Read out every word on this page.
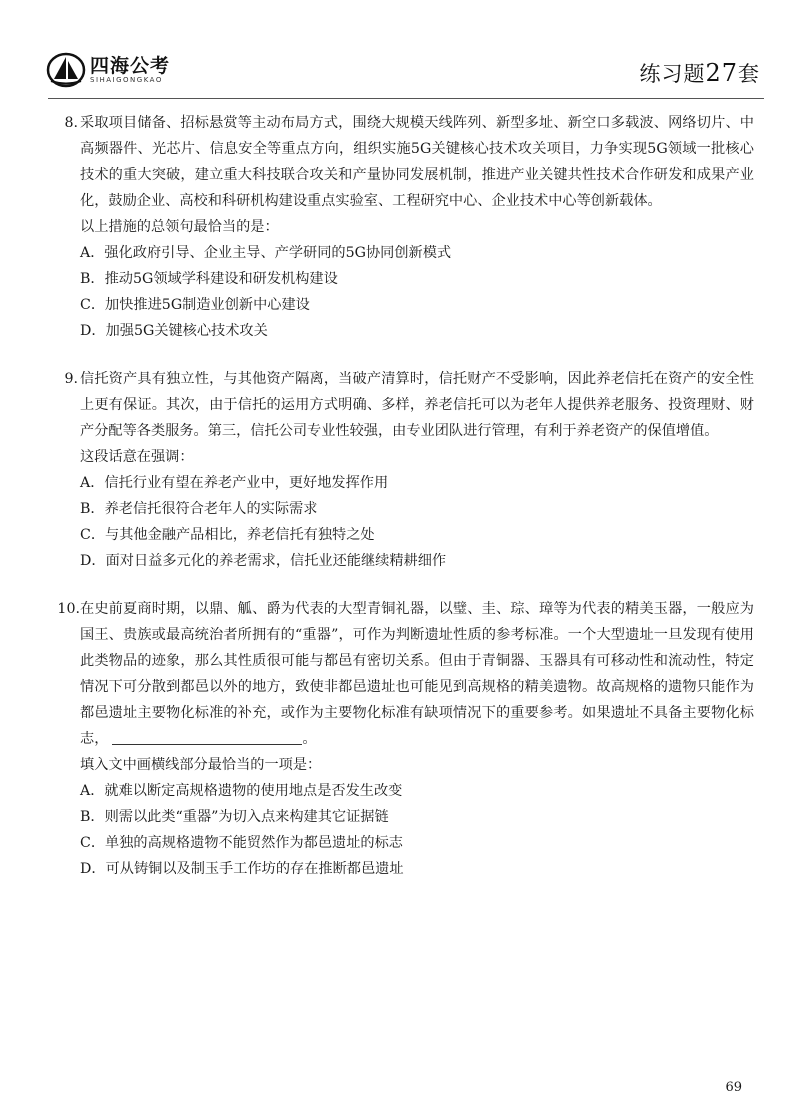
四海公考
SIHAIGONGKAO	练习题27套
8. 采取项目储备、招标悬赏等主动布局方式，围绕大规模天线阵列、新型多址、新空口多载波、网络切片、中高频器件、光芯片、信息安全等重点方向，组织实施5G关键核心技术攻关项目，力争实现5G领域一批核心技术的重大突破，建立重大科技联合攻关和产量协同发展机制，推进产业关键共性技术合作研发和成果产业化，鼓励企业、高校和科研机构建设重点实验室、工程研究中心、企业技术中心等创新载体。
以上措施的总领句最恰当的是：
A．强化政府引导、企业主导、产学研同的5G协同创新模式
B．推动5G领域学科建设和研发机构建设
C．加快推进5G制造业创新中心建设
D．加强5G关键核心技术攻关
9. 信托资产具有独立性，与其他资产隔离，当破产清算时，信托财产不受影响，因此养老信托在资产的安全性上更有保证。其次，由于信托的运用方式明确、多样，养老信托可以为老年人提供养老服务、投资理财、财产分配等各类服务。第三，信托公司专业性较强，由专业团队进行管理，有利于养老资产的保值增值。
这段话意在强调：
A．信托行业有望在养老产业中，更好地发挥作用
B．养老信托很符合老年人的实际需求
C．与其他金融产品相比，养老信托有独特之处
D．面对日益多元化的养老需求，信托业还能继续精耕细作
10. 在史前夏商时期，以鼎、觚、爵为代表的大型青铜礼器，以璧、圭、琮、璋等为代表的精美玉器，一般应为国王、贵族或最高统治者所拥有的“重器”，可作为判断遗址性质的参考标准。一个大型遗址一旦发现有使用此类物品的迹象，那么其性质很可能与都邑有密切关系。但由于青铜器、玉器具有可移动性和流动性，特定情况下可分散到都邑以外的地方，致使非都邑遗址也可能见到高规格的精美遗物。故高规格的遗物只能作为都邑遗址主要物化标准的补充，或作为主要物化标准有缺项情况下的重要参考。如果遗址不具备主要物化标志，	。
填入文中画横线部分最恰当的一项是：
A．就难以断定高规格遗物的使用地点是否发生改变
B．则需以此类“重器”为切入点来构建其它证据链
C．单独的高规格遗物不能贸然作为都邑遗址的标志
D．可从铸铜以及制玉手工作坊的存在推断都邑遗址
69
